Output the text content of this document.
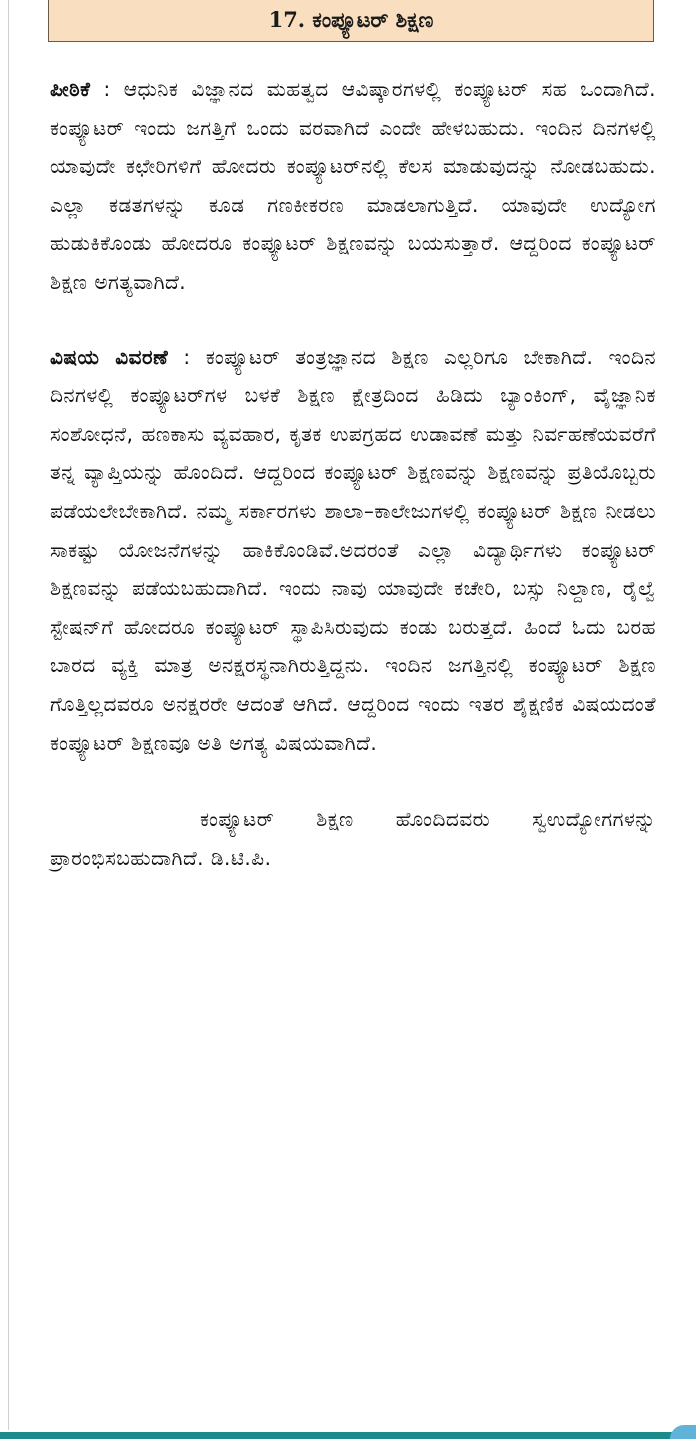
17. ಕಂಪ್ಯೂಟರ್ ಶಿಕ್ಷಣ

ಪೀಠಿಕೆ : ಆಧುನಿಕ ವಿಜ್ಞಾನದ ಮಹತ್ವದ ಆವಿಷ್ಕಾರಗಳಲ್ಲಿ ಕಂಪ್ಯೂಟರ್ ಸಹ ಒಂದಾಗಿದೆ. ಕಂಪ್ಯೂಟರ್ ಇಂದು ಜಗತ್ತಿಗೆ ಒಂದು ವರವಾಗಿದೆ ಎಂದೇ ಹೇಳಬಹುದು. ಇಂದಿನ ದಿನಗಳಲ್ಲಿ ಯಾವುದೇ ಕಛೇರಿಗಳಿಗೆ ಹೋದರು ಕಂಪ್ಯೂಟರ್‌ನಲ್ಲಿ ಕೆಲಸ ಮಾಡುವುದನ್ನು ನೋಡಬಹುದು. ಎಲ್ಲಾ ಕಡತಗಳನ್ನು ಕೂಡ ಗಣಕೀಕರಣ ಮಾಡಲಾಗುತ್ತಿದೆ. ಯಾವುದೇ ಉದ್ಯೋಗ ಹುಡುಕಿಕೊಂಡು ಹೋದರೂ ಕಂಪ್ಯೂಟರ್ ಶಿಕ್ಷಣವನ್ನು ಬಯಸುತ್ತಾರೆ. ಆದ್ದರಿಂದ ಕಂಪ್ಯೂಟರ್ ಶಿಕ್ಷಣ ಅಗತ್ಯವಾಗಿದೆ.

ವಿಷಯ ವಿವರಣೆ : ಕಂಪ್ಯೂಟರ್ ತಂತ್ರಜ್ಞಾನದ ಶಿಕ್ಷಣ ಎಲ್ಲರಿಗೂ ಬೇಕಾಗಿದೆ. ಇಂದಿನ ದಿನಗಳಲ್ಲಿ ಕಂಪ್ಯೂಟರ್‌ಗಳ ಬಳಕೆ ಶಿಕ್ಷಣ ಕ್ಷೇತ್ರದಿಂದ ಹಿಡಿದು ಬ್ಯಾಂಕಿಂಗ್, ವೈಜ್ಞಾನಿಕ ಸಂಶೋಧನೆ, ಹಣಕಾಸು ವ್ಯವಹಾರ, ಕೃತಕ ಉಪಗ್ರಹದ ಉಡಾವಣೆ ಮತ್ತು ನಿರ್ವಹಣೆಯವರೆಗೆ ತನ್ನ ವ್ಯಾಪ್ತಿಯನ್ನು ಹೊಂದಿದೆ. ಆದ್ದರಿಂದ ಕಂಪ್ಯೂಟರ್ ಶಿಕ್ಷಣವನ್ನು ಶಿಕ್ಷಣವನ್ನು ಪ್ರತಿಯೊಬ್ಬರು ಪಡೆಯಲೇಬೇಕಾಗಿದೆ. ನಮ್ಮ ಸರ್ಕಾರಗಳು ಶಾಲಾ–ಕಾಲೇಜುಗಳಲ್ಲಿ ಕಂಪ್ಯೂಟರ್ ಶಿಕ್ಷಣ ನೀಡಲು ಸಾಕಷ್ಟು ಯೋಜನೆಗಳನ್ನು ಹಾಕಿಕೊಂಡಿವೆ.ಅದರಂತೆ ಎಲ್ಲಾ ವಿದ್ಯಾರ್ಥಿಗಳು ಕಂಪ್ಯೂಟರ್ ಶಿಕ್ಷಣವನ್ನು ಪಡೆಯಬಹುದಾಗಿದೆ. ಇಂದು ನಾವು ಯಾವುದೇ ಕಚೇರಿ, ಬಸ್ಸು ನಿಲ್ದಾಣ, ರೈಲ್ವೆ ಸ್ಟೇಷನ್‌ಗೆ ಹೋದರೂ ಕಂಪ್ಯೂಟರ್ ಸ್ಥಾಪಿಸಿರುವುದು ಕಂಡು ಬರುತ್ತದೆ. ಹಿಂದೆ ಓದು ಬರಹ ಬಾರದ ವ್ಯಕ್ತಿ ಮಾತ್ರ ಅನಕ್ಷರಸ್ಥನಾಗಿರುತ್ತಿದ್ದನು. ಇಂದಿನ ಜಗತ್ತಿನಲ್ಲಿ ಕಂಪ್ಯೂಟರ್ ಶಿಕ್ಷಣ ಗೊತ್ತಿಲ್ಲದವರೂ ಅನಕ್ಷರರೇ ಆದಂತೆ ಆಗಿದೆ. ಆದ್ದರಿಂದ ಇಂದು ಇತರ ಶೈಕ್ಷಣಿಕ ವಿಷಯದಂತೆ ಕಂಪ್ಯೂಟರ್ ಶಿಕ್ಷಣವೂ ಅತಿ ಅಗತ್ಯ ವಿಷಯವಾಗಿದೆ.

ಕಂಪ್ಯೂಟರ್ ಶಿಕ್ಷಣ ಹೊಂದಿದವರು ಸ್ವಉದ್ಯೋಗಗಳನ್ನು ಪ್ರಾರಂಭಿಸಬಹುದಾಗಿದೆ. ಡಿ.ಟಿ.ಪಿ.
